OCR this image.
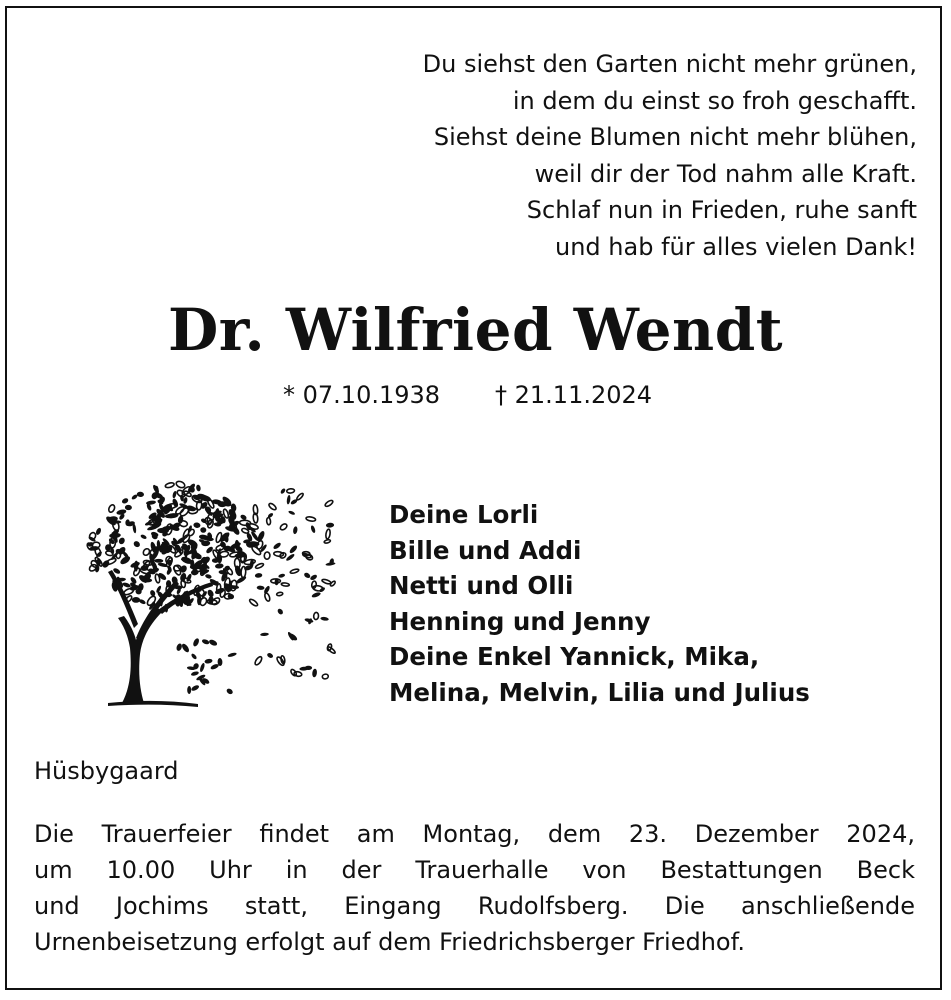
Du siehst den Garten nicht mehr grünen,
in dem du einst so froh geschafft.
Siehst deine Blumen nicht mehr blühen,
weil dir der Tod nahm alle Kraft.
Schlaf nun in Frieden, ruhe sanft
und hab für alles vielen Dank!
Dr. Wilfried Wendt
* 07.10.1938 † 21.11.2024
Deine Lorli
Bille und Addi
Netti und Olli
Henning und Jenny
Deine Enkel Yannick, Mika,
Melina, Melvin, Lilia und Julius

Hüsbygaard

Die Trauerfeier findet am Montag, dem 23. Dezember 2024,
um 10.00 Uhr in der Trauerhalle von Bestattungen Beck
und Jochims statt, Eingang Rudolfsberg. Die anschließende
Urnenbeisetzung erfolgt auf dem Friedrichsberger Friedhof.
